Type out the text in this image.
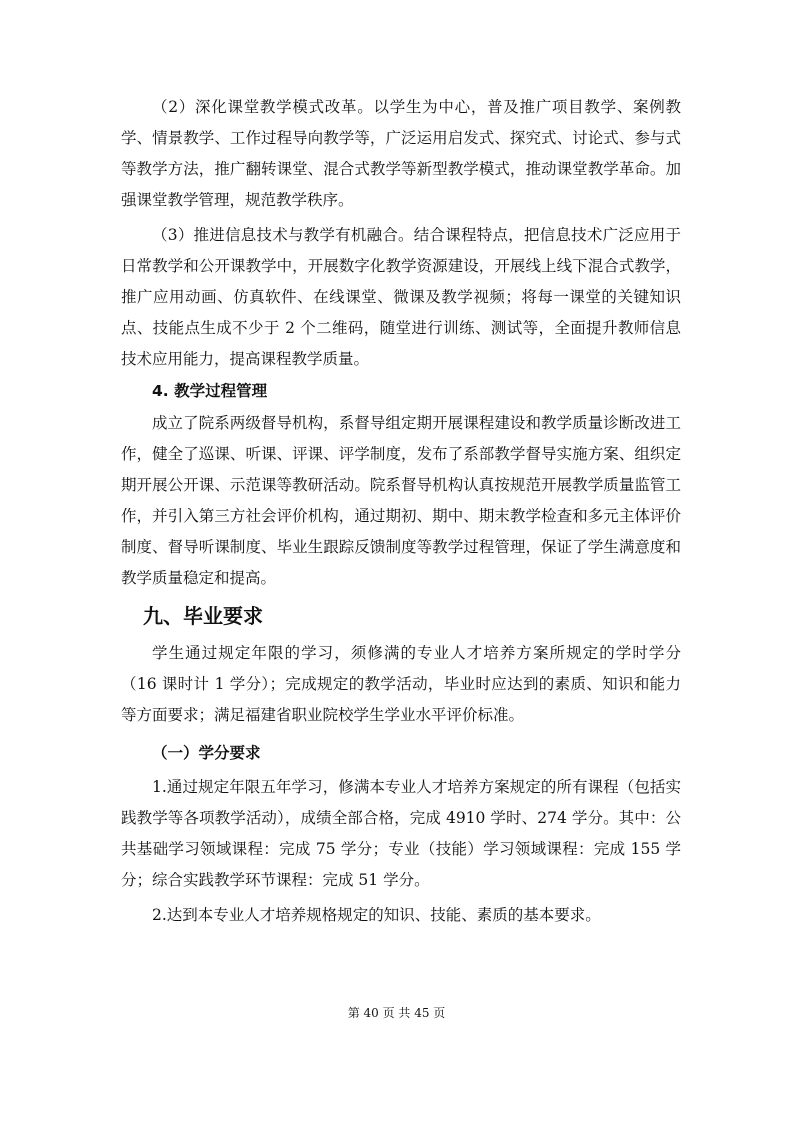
（2）深化课堂教学模式改革。以学生为中心，普及推广项目教学、案例教学、情景教学、工作过程导向教学等，广泛运用启发式、探究式、讨论式、参与式等教学方法，推广翻转课堂、混合式教学等新型教学模式，推动课堂教学革命。加强课堂教学管理，规范教学秩序。

（3）推进信息技术与教学有机融合。结合课程特点，把信息技术广泛应用于日常教学和公开课教学中，开展数字化教学资源建设，开展线上线下混合式教学，推广应用动画、仿真软件、在线课堂、微课及教学视频；将每一课堂的关键知识点、技能点生成不少于 2 个二维码，随堂进行训练、测试等，全面提升教师信息技术应用能力，提高课程教学质量。

4. 教学过程管理

成立了院系两级督导机构，系督导组定期开展课程建设和教学质量诊断改进工作，健全了巡课、听课、评课、评学制度，发布了系部教学督导实施方案、组织定期开展公开课、示范课等教研活动。院系督导机构认真按规范开展教学质量监管工作，并引入第三方社会评价机构，通过期初、期中、期末教学检查和多元主体评价制度、督导听课制度、毕业生跟踪反馈制度等教学过程管理，保证了学生满意度和教学质量稳定和提高。

九、毕业要求

学生通过规定年限的学习，须修满的专业人才培养方案所规定的学时学分（16 课时计 1 学分）；完成规定的教学活动，毕业时应达到的素质、知识和能力等方面要求；满足福建省职业院校学生学业水平评价标准。

（一）学分要求

1.通过规定年限五年学习，修满本专业人才培养方案规定的所有课程（包括实践教学等各项教学活动），成绩全部合格，完成 4910 学时、274 学分。其中：公共基础学习领域课程：完成 75 学分；专业（技能）学习领域课程：完成 155 学分；综合实践教学环节课程：完成 51 学分。

2.达到本专业人才培养规格规定的知识、技能、素质的基本要求。

第 40 页 共 45 页
